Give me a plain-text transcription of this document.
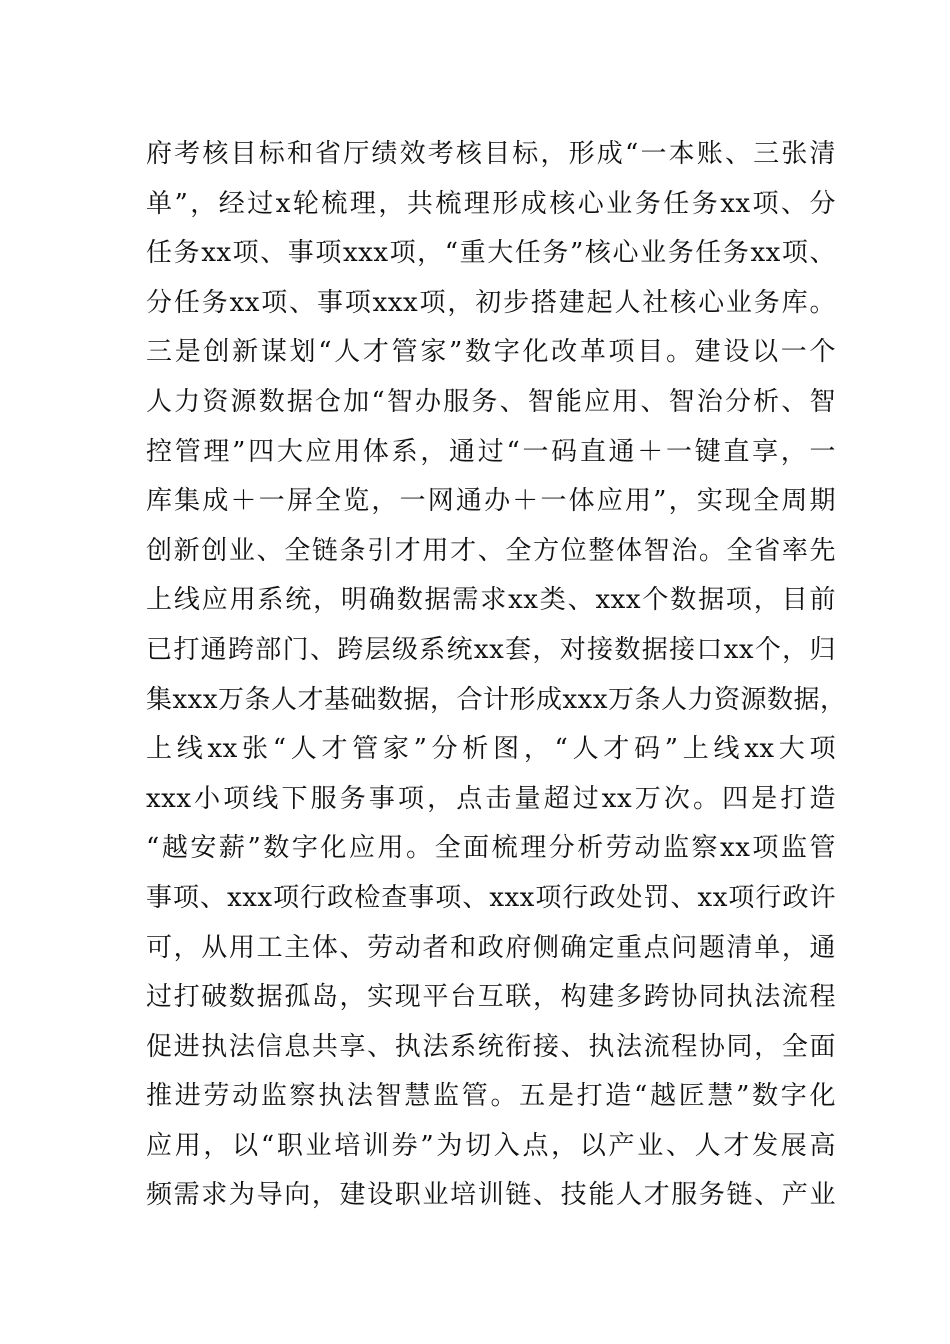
府考核目标和省厅绩效考核目标，形成“一本账、三张清
单”，经过x轮梳理，共梳理形成核心业务任务xx项、分
任务xx项、事项xxx项，“重大任务”核心业务任务xx项、
分任务xx项、事项xxx项，初步搭建起人社核心业务库。
三是创新谋划“人才管家”数字化改革项目。建设以一个
人力资源数据仓加“智办服务、智能应用、智治分析、智
控管理”四大应用体系，通过“一码直通＋一键直享，一
库集成＋一屏全览，一网通办＋一体应用”，实现全周期
创新创业、全链条引才用才、全方位整体智治。全省率先
上线应用系统，明确数据需求xx类、xxx个数据项，目前
已打通跨部门、跨层级系统xx套，对接数据接口xx个，归
集xxx万条人才基础数据，合计形成xxx万条人力资源数据，
上线xx张“人才管家”分析图，“人才码”上线xx大项
xxx小项线下服务事项，点击量超过xx万次。四是打造
“越安薪”数字化应用。全面梳理分析劳动监察xx项监管
事项、xxx项行政检查事项、xxx项行政处罚、xx项行政许
可，从用工主体、劳动者和政府侧确定重点问题清单，通
过打破数据孤岛，实现平台互联，构建多跨协同执法流程
促进执法信息共享、执法系统衔接、执法流程协同，全面
推进劳动监察执法智慧监管。五是打造“越匠慧”数字化
应用，以“职业培训券”为切入点，以产业、人才发展高
频需求为导向，建设职业培训链、技能人才服务链、产业
